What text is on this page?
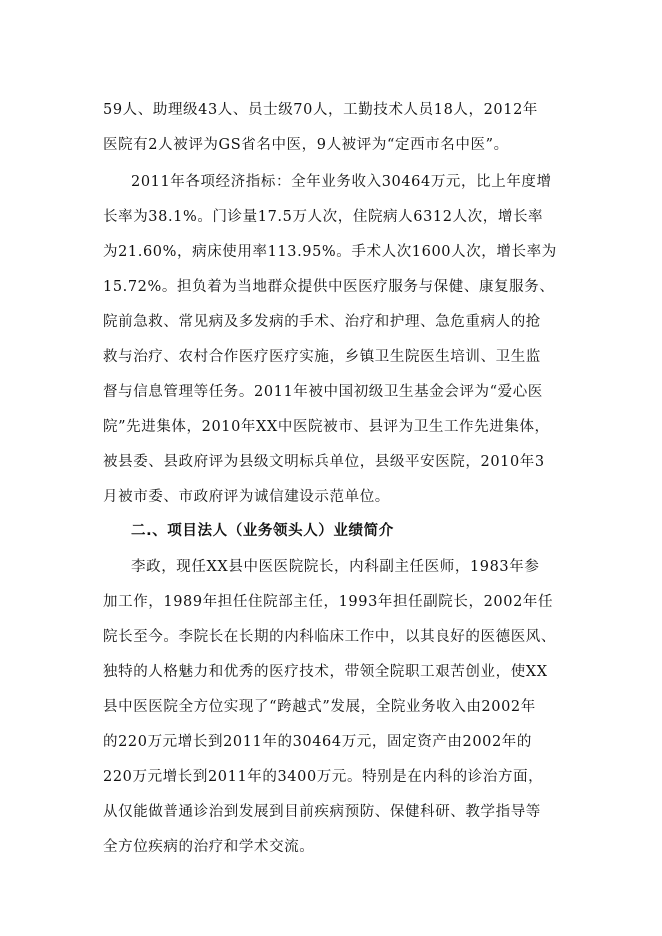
59人、助理级43人、员士级70人，工勤技术人员18人，2012年
医院有2人被评为GS省名中医，9人被评为“定西市名中医”。
2011年各项经济指标：全年业务收入30464万元，比上年度增
长率为38.1%。门诊量17.5万人次，住院病人6312人次，增长率
为21.60%，病床使用率113.95%。手术人次1600人次，增长率为
15.72%。担负着为当地群众提供中医医疗服务与保健、康复服务、
院前急救、常见病及多发病的手术、治疗和护理、急危重病人的抢
救与治疗、农村合作医疗医疗实施，乡镇卫生院医生培训、卫生监
督与信息管理等任务。2011年被中国初级卫生基金会评为“爱心医
院”先进集体，2010年XX中医院被市、县评为卫生工作先进集体，
被县委、县政府评为县级文明标兵单位，县级平安医院，2010年3
月被市委、市政府评为诚信建设示范单位。
二.、项目法人（业务领头人）业绩简介
李政，现任XX县中医医院院长，内科副主任医师，1983年参
加工作，1989年担任住院部主任，1993年担任副院长，2002年任
院长至今。李院长在长期的内科临床工作中，以其良好的医德医风、
独特的人格魅力和优秀的医疗技术，带领全院职工艰苦创业，使XX
县中医医院全方位实现了“跨越式”发展，全院业务收入由2002年
的220万元增长到2011年的30464万元，固定资产由2002年的
220万元增长到2011年的3400万元。特别是在内科的诊治方面，
从仅能做普通诊治到发展到目前疾病预防、保健科研、教学指导等
全方位疾病的治疗和学术交流。
